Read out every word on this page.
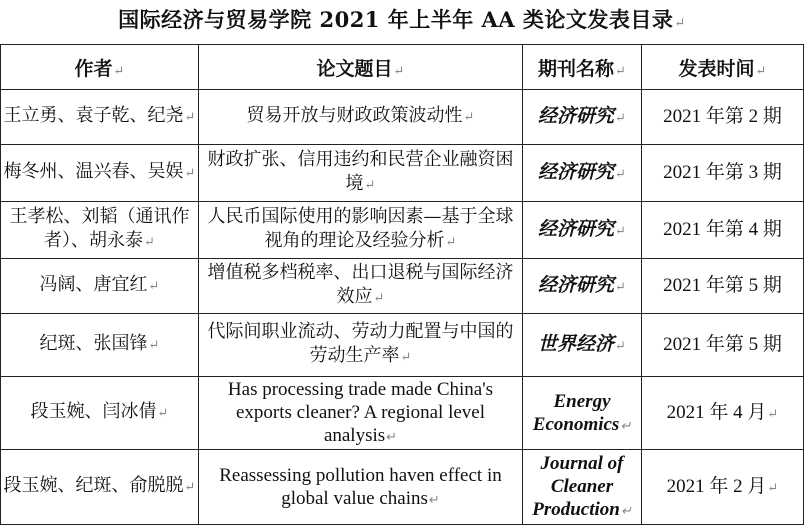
国际经济与贸易学院 2021 年上半年 AA 类论文发表目录↵
作者↵	论文题目↵	期刊名称↵	发表时间↵
王立勇、袁子乾、纪尧↵	贸易开放与财政政策波动性↵	经济研究↵	2021 年第 2 期
梅冬州、温兴春、吴娱↵	财政扩张、信用违约和民营企业融资困境↵	经济研究↵	2021 年第 3 期
王孝松、刘韬（通讯作者）、胡永泰↵	人民币国际使用的影响因素—基于全球视角的理论及经验分析↵	经济研究↵	2021 年第 4 期
冯阔、唐宜红↵	增值税多档税率、出口退税与国际经济效应↵	经济研究↵	2021 年第 5 期
纪斑、张国锋↵	代际间职业流动、劳动力配置与中国的劳动生产率↵	世界经济↵	2021 年第 5 期
段玉婉、闫冰倩↵	Has processing trade made China's exports cleaner? A regional level analysis↵	Energy Economics↵	2021 年 4 月↵
段玉婉、纪斑、俞脱脱↵	Reassessing pollution haven effect in global value chains↵	Journal of Cleaner Production↵	2021 年 2 月↵
